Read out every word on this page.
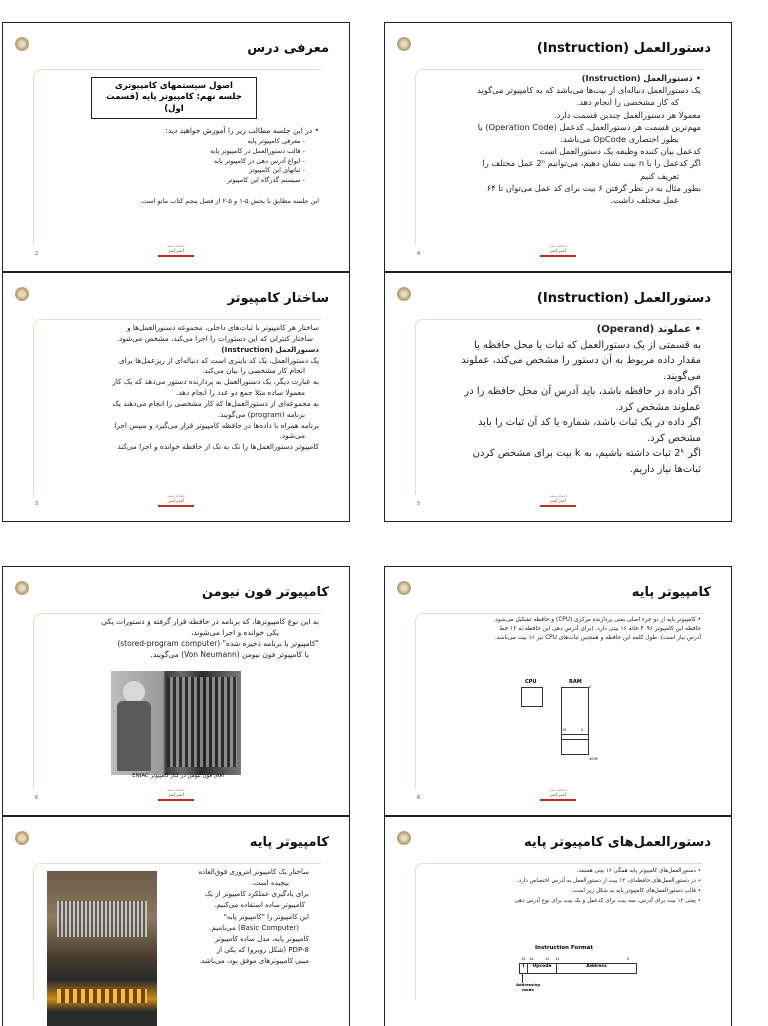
معرفی درس
اصول سیستمهای کامپیوتری
جلسه نهم: کامپیوتر پایه (قسمت اول)
• در این جلسه مطالب زیر را آموزش خواهید دید:
- معرفی کامپیوتر پایه
- قالب دستورالعمل در کامپیوتر پایه
- انواع آدرس دهی در کامپیوتر پایه
- ثباتهای این کامپیوتر
- سیستم گذرگاه این کامپیوتر
این جلسه مطابق با بخش ۵-۱ و ۵-۲ از فصل پنجم کتاب مانو است.
دانشگاه صنعتی
امیرکبیر
2
دستورالعمل (Instruction)
• دستورالعمل (Instruction)
یک دستورالعمل دنباله‌ای از بیت‌ها می‌باشد که به کامپیوتر می‌گوید
که کار مشخصی را انجام دهد.
معمولا هر دستورالعمل چندین قسمت دارد.
مهم‌ترین قسمت هر دستورالعمل، کدعمل (Operation Code) یا
بطور اختصاری OpCode می‌باشد.
کدعمل بیان کننده وظیفه یک دستورالعمل است
اگر کدعمل را با n بیت نشان دهیم، می‌توانیم 2ⁿ عمل مختلف را
تعریف کنیم
بطور مثال به در نظر گرفتن ۶ بیت برای کد عمل می‌توان تا ۶۴
عمل مختلف داشت.
دانشگاه صنعتی
امیرکبیر
4
ساختار کامپیوتر
ساختار هر کامپیوتر با ثبات‌های داخلی، مجموعه دستورالعمل‌ها و
ساختار کنترلی که این دستورات را اجرا می‌کند، مشخص می‌شود.
دستورالعمل (Instruction)
یک دستورالعمل، یک کد باینری است که دنباله‌ای از ریزعمل‌ها برای
انجام کار مشخصی را بیان می‌کند.
به عبارت دیگر، یک دستورالعمل به پردازنده دستور می‌دهد که یک کار
معمولا ساده مثلا جمع دو عدد را انجام دهد.
به مجموعه‌ای از دستورالعمل‌ها که کار مشخصی را انجام می‌دهند یک
برنامه (program) می‌گویند.
برنامه همراه با داده‌ها در حافظه کامپیوتر قرار می‌گیرد و سپس اجرا
می‌شود.
کامپیوتر دستورالعمل‌ها را تک به تک از حافظه خوانده و اجرا می‌کند
دانشگاه صنعتی
امیرکبیر
3
دستورالعمل (Instruction)
• عملوند (Operand)
به قسمتی از یک دستورالعمل که ثبات یا محل حافظه یا
مقدار داده مربوط به آن دستور را مشخص می‌کند، عملوند
می‌گویند.
اگر داده در حافظه باشد، باید آدرس آن محل حافظه را در
عملوند مشخص کرد.
اگر داده در یک ثبات باشد، شماره یا کد آن ثبات را باید
مشخص کرد.
اگر 2ᵏ ثبات داشته باشیم، به k بیت برای مشخص کردن
ثبات‌ها نیاز داریم.
دانشگاه صنعتی
امیرکبیر
5
کامپیوتر فون نیومن
به این نوع کامپیوترها، که برنامه در حافظه قرار گرفته و دستورات یکی
یکی خوانده و اجرا می‌شوند،
"کامپیوتر با برنامه ذخیره شده" (stored-program computer)
یا کامپیوتر فون نیومن (Von Neumann) می‌گویند.
آقای فون نیومن در کنار کامپیوتر ENIAC
دانشگاه صنعتی
امیرکبیر
6
کامپیوتر پایه
• کامپیوتر پایه از دو جزء اصلی یعنی پردازنده مرکزی (CPU) و حافظه تشکیل می‌شود.
حافظه این کامپیوتر ۴۰۹۶ خانه ۱۶ بیتی دارد. (برای آدرس دهی این حافظه به ۱۲ خط
آدرس نیاز است). طول کلمه این حافظه و همچنین ثبات‌های CPU نیز ۱۶ بیت می‌باشد.
CPU	RAM
0
15	0
4095
دانشگاه صنعتی
امیرکبیر
6
کامپیوتر پایه
ساختار یک کامپیوتر امروزی فوق‌العاده
پیچیده است.
برای یادگیری عملکرد کامپیوتر از یک
کامپیوتر ساده استفاده می‌کنیم.
این کامپیوتر را "کامپیوتر پایه"
(Basic Computer) می‌نامیم.
کامپیوتر پایه، مدل ساده کامپیوتر
PDP-8 (شکل روبرو) که یکی از
مینی کامپیوترهای موفق بود، می‌باشد.
دستورالعمل‌های کامپیوتر پایه
• دستورالعمل‌های کامپیوتر پایه همگی ۱۶ بیتی هستند.
• در دستورالعمل‌های حافظه‌ای، ۱۲ بیت از دستورالعمل به آدرس اختصاص دارد.
• قالب دستورالعمل‌های کامپیوتر پایه به شکل زیر است:
• یعنی ۱۲ بیت برای آدرس، سه بیت برای کدعمل و یک بیت برای نوع آدرس دهی
Instruction Format
15 14	12 11	0
I	Opcode	Address
Addressing mode
